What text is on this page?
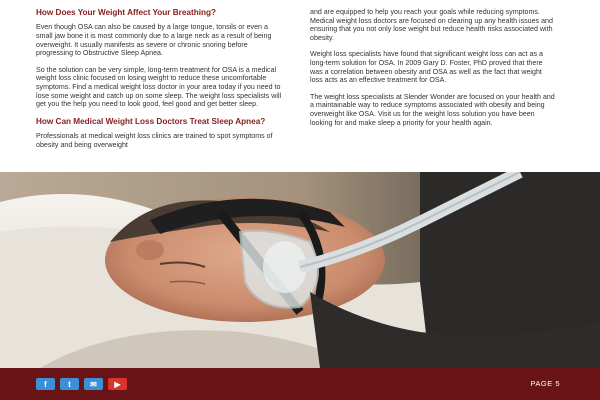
How Does Your Weight Affect Your Breathing?

Even though OSA can also be caused by a large tongue, tonsils or even a small jaw bone it is most commonly due to a large neck as a result of being overweight. It usually manifests as severe or chronic snoring before progressing to Obstructive Sleep Apnea.

So the solution can be very simple, long-term treatment for OSA is a medical weight loss clinic focused on losing weight to reduce these uncomfortable symptoms. Find a medical weight loss doctor in your area today if you need to lose some weight and catch up on some sleep. The weight loss specialists will get you the help you need to look good, feel good and get better sleep.

How Can Medical Weight Loss Doctors Treat Sleep Apnea?

Professionals at medical weight loss clinics are trained to spot symptoms of obesity and being overweight

and are equipped to help you reach your goals while reducing symptoms. Medical weight loss doctors are focused on clearing up any health issues and ensuring that you not only lose weight but reduce health risks associated with obesity.

Weight loss specialists have found that significant weight loss can act as a long-term solution for OSA. In 2009 Gary D. Foster, PhD proved that there was a correlation between obesity and OSA as well as the fact that weight loss acts as an effective treatment for OSA.

The weight loss specialists at Slender Wonder are focused on your health and a maintainable way to reduce symptoms associated with obesity and being overweight like OSA. Visit us for the weight loss solution you have been looking for and make sleep a priority for your health again.

f	t	✉	▶	PAGE 5
